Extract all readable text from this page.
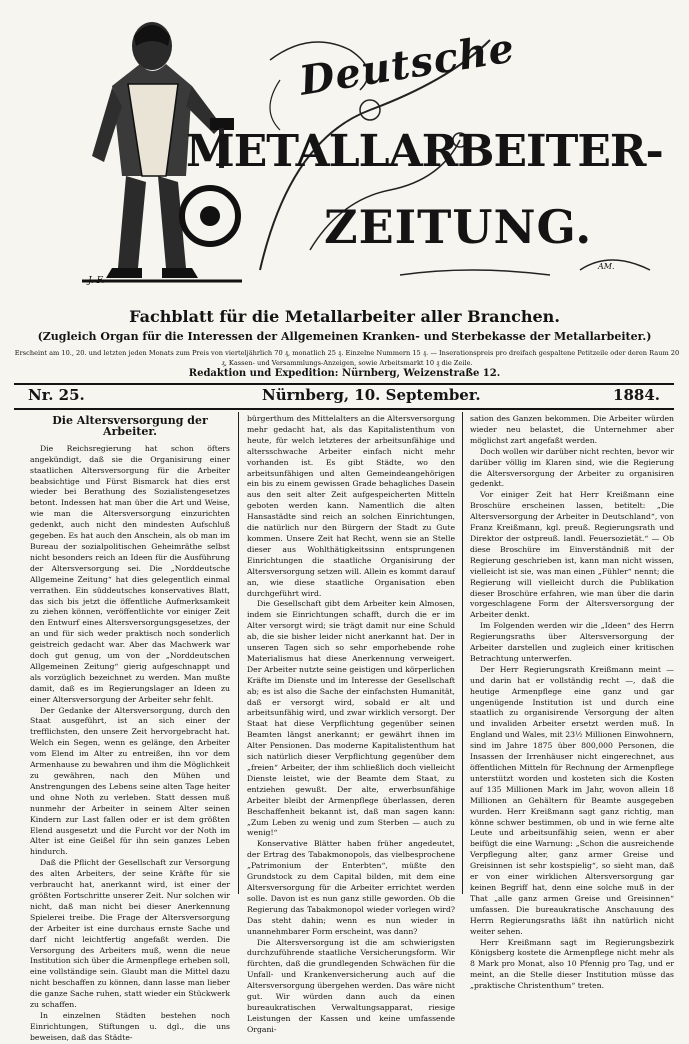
Deutsche
METALLARBEITER-
ZEITUNG.
J. F.
AM.
Fachblatt für die Metallarbeiter aller Branchen.
(Zugleich Organ für die Interessen der Allgemeinen Kranken- und Sterbekasse der Metallarbeiter.)
Erscheint am 10., 20. und letzten jeden Monats zum Preis von vierteljährlich 70 ₰, monatlich 25 ₰. Einzelne Nummern 15 ₰. — Inserationspreis pro dreifach gespaltene Petitzeile oder deren Raum 20 ₰, Kassen- und Versammlungs-Anzeigen, sowie Arbeitsmarkt 10 ₰ die Zeile.
Redaktion und Expedition: Nürnberg, Weizenstraße 12.
Nr. 25.	Nürnberg, 10. September.	1884.

Die Altersversorgung der Arbeiter.

Die Reichsregierung hat schon öfters angekündigt, daß sie die Organisirung einer staatlichen Altersversorgung für die Arbeiter beabsichtige und Fürst Bismarck hat dies erst wieder bei Berathung des Sozialistengesetzes betont. Indessen hat man über die Art und Weise, wie man die Altersversorgung einzurichten gedenkt, auch nicht den mindesten Aufschluß gegeben. Es hat auch den Anschein, als ob man im Bureau der sozialpolitischen Geheimräthe selbst nicht besonders reich an Ideen für die Ausführung der Altersversorgung sei. Die „Norddeutsche Allgemeine Zeitung“ hat dies gelegentlich einmal verrathen. Ein süddeutsches konservatives Blatt, das sich bis jetzt die öffentliche Aufmerksamkeit zu ziehen können, veröffentlichte vor einiger Zeit den Entwurf eines Altersversorgungsgesetzes, der an und für sich weder praktisch noch sonderlich geistreich gedacht war. Aber das Machwerk war doch gut genug, um von der „Norddeutschen Allgemeinen Zeitung“ gierig aufgeschnappt und als vorzüglich bezeichnet zu werden. Man mußte damit, daß es im Regierungslager an Ideen zu einer Altersversorgung der Arbeiter sehr fehlt.

Der Gedanke der Altersversorgung, durch den Staat ausgeführt, ist an sich einer der trefflichsten, den unsere Zeit hervorgebracht hat. Welch ein Segen, wenn es gelänge, den Arbeiter vom Elend im Alter zu entreißen, ihn vor dem Armenhause zu bewahren und ihm die Möglichkeit zu gewähren, nach den Mühen und Anstrengungen des Lebens seine alten Tage heiter und ohne Noth zu verleben. Statt dessen muß nunmehr der Arbeiter in seinem Alter seinen Kindern zur Last fallen oder er ist dem größten Elend ausgesetzt und die Furcht vor der Noth im Alter ist eine Geißel für ihn sein ganzes Leben hindurch.

Daß die Pflicht der Gesellschaft zur Versorgung des alten Arbeiters, der seine Kräfte für sie verbraucht hat, anerkannt wird, ist einer der größten Fortschritte unserer Zeit. Nur solchen wir nicht, daß man nicht bei dieser Anerkennung Spielerei treibe. Die Frage der Altersversorgung der Arbeiter ist eine durchaus ernste Sache und darf nicht leichtfertig angefaßt werden. Die Versorgung des Arbeiters muß, wenn die neue Institution sich über die Armenpflege erheben soll, eine vollständige sein. Glaubt man die Mittel dazu nicht beschaffen zu können, dann lasse man lieber die ganze Sache ruhen, statt wieder ein Stückwerk zu schaffen.

In einzelnen Städten bestehen noch Einrichtungen, Stiftungen u. dgl., die uns beweisen, daß das Städte-

bürgerthum des Mittelalters an die Altersversorgung mehr gedacht hat, als das Kapitalistenthum von heute, für welch letzteres der arbeitsunfähige und altersschwache Arbeiter einfach nicht mehr vorhanden ist. Es gibt Städte, wo den arbeitsunfähigen und alten Gemeindeangehörigen ein bis zu einem gewissen Grade behagliches Dasein aus den seit alter Zeit aufgespeicherten Mitteln geboten werden kann. Namentlich die alten Hansastädte sind reich an solchen Einrichtungen, die natürlich nur den Bürgern der Stadt zu Gute kommen. Unsere Zeit hat Recht, wenn sie an Stelle dieser aus Wohlthätigkeitssinn entsprungenen Einrichtungen die staatliche Organisirung der Altersversorgung setzen will. Allein es kommt darauf an, wie diese staatliche Organisation eben durchgeführt wird.

Die Gesellschaft gibt dem Arbeiter kein Almosen, indem sie Einrichtungen schafft, durch die er im Alter versorgt wird; sie trägt damit nur eine Schuld ab, die sie bisher leider nicht anerkannt hat. Der in unseren Tagen sich so sehr emporhebende rohe Materialismus hat diese Anerkennung verweigert. Der Arbeiter nutzte seine geistigen und körperlichen Kräfte im Dienste und im Interesse der Gesellschaft ab; es ist also die Sache der einfachsten Humanität, daß er versorgt wird, sobald er alt und arbeitsunfähig wird, und zwar wirklich versorgt. Der Staat hat diese Verpflichtung gegenüber seinen Beamten längst anerkannt; er gewährt ihnen im Alter Pensionen. Das moderne Kapitalistenthum hat sich natürlich dieser Verpflichtung gegenüber dem „freien“ Arbeiter, der ihm schließlich doch vielleicht Dienste leistet, wie der Beamte dem Staat, zu entziehen gewußt. Der alte, erwerbsunfähige Arbeiter bleibt der Armenpflege überlassen, deren Beschaffenheit bekannt ist, daß man sagen kann: „Zum Leben zu wenig und zum Sterben — auch zu wenig!“

Konservative Blätter haben früher angedeutet, der Ertrag des Tabakmonopols, das vielbesprochene „Patrimonium der Enterbten“, müßte den Grundstock zu dem Capital bilden, mit dem eine Altersversorgung für die Arbeiter errichtet werden solle. Davon ist es nun ganz stille geworden. Ob die Regierung das Tabakmonopol wieder vorlegen wird? Das steht dahin; wenn es nun wieder in unannehmbarer Form erscheint, was dann?

Die Altersversorgung ist die am schwierigsten durchzuführende staatliche Versicherungsform. Wir fürchten, daß die grundlegenden Schwächen für die Unfall- und Krankenversicherung auch auf die Altersversorgung übergehen werden. Das wäre nicht gut. Wir würden dann auch da einen bureaukratischen Verwaltungsapparat, riesige Leistungen der Kassen und keine umfassende Organi-

sation des Ganzen bekommen. Die Arbeiter würden wieder neu belastet, die Unternehmer aber möglichst zart angefaßt werden.

Doch wollen wir darüber nicht rechten, bevor wir darüber völlig im Klaren sind, wie die Regierung die Altersversorgung der Arbeiter zu organisiren gedenkt.

Vor einiger Zeit hat Herr Kreißmann eine Broschüre erscheinen lassen, betitelt: „Die Altersversorgung der Arbeiter in Deutschland“, von Franz Kreißmann, kgl. preuß. Regierungsrath und Direktor der ostpreuß. landl. Feuersozietät.“ — Ob diese Broschüre im Einverständniß mit der Regierung geschrieben ist, kann man nicht wissen, vielleicht ist sie, was man einen „Fühler“ nennt; die Regierung will vielleicht durch die Publikation dieser Broschüre erfahren, wie man über die darin vorgeschlagene Form der Altersversorgung der Arbeiter denkt.

Im Folgenden werden wir die „Ideen“ des Herrn Regierungsraths über Altersversorgung der Arbeiter darstellen und zugleich einer kritischen Betrachtung unterwerfen.

Der Herr Regierungsrath Kreißmann meint — und darin hat er vollständig recht —, daß die heutige Armenpflege eine ganz und gar ungenügende Institution ist und durch eine staatlich zu organisirende Versorgung der alten und invaliden Arbeiter ersetzt werden muß. In England und Wales, mit 23½ Millionen Einwohnern, sind im Jahre 1875 über 800,000 Personen, die Insassen der Irrenhäuser nicht eingerechnet, aus öffentlichen Mitteln für Rechnung der Armenpflege unterstützt worden und kosteten sich die Kosten auf 135 Millionen Mark im Jahr, wovon allein 18 Millionen an Gehältern für Beamte ausgegeben wurden. Herr Kreißmann sagt ganz richtig, man könne schwer bestimmen, ob und in wie ferne alte Leute und arbeitsunfähig seien, wenn er aber beifügt die eine Warnung: „Schon die ausreichende Verpflegung alter, ganz armer Greise und Greisinnen ist sehr kostspielig“, so sieht man, daß er von einer wirklichen Altersversorgung gar keinen Begriff hat, denn eine solche muß in der That „alle ganz armen Greise und Greisinnen“ umfassen. Die bureaukratische Anschauung des Herrn Regierungsraths läßt ihn natürlich nicht weiter sehen.

Herr Kreißmann sagt im Regierungsbezirk Königsberg kostete die Armenpflege nicht mehr als 8 Mark pro Monat, also 10 Pfennig pro Tag, und er meint, an die Stelle dieser Institution müsse das „praktische Christenthum“ treten.
